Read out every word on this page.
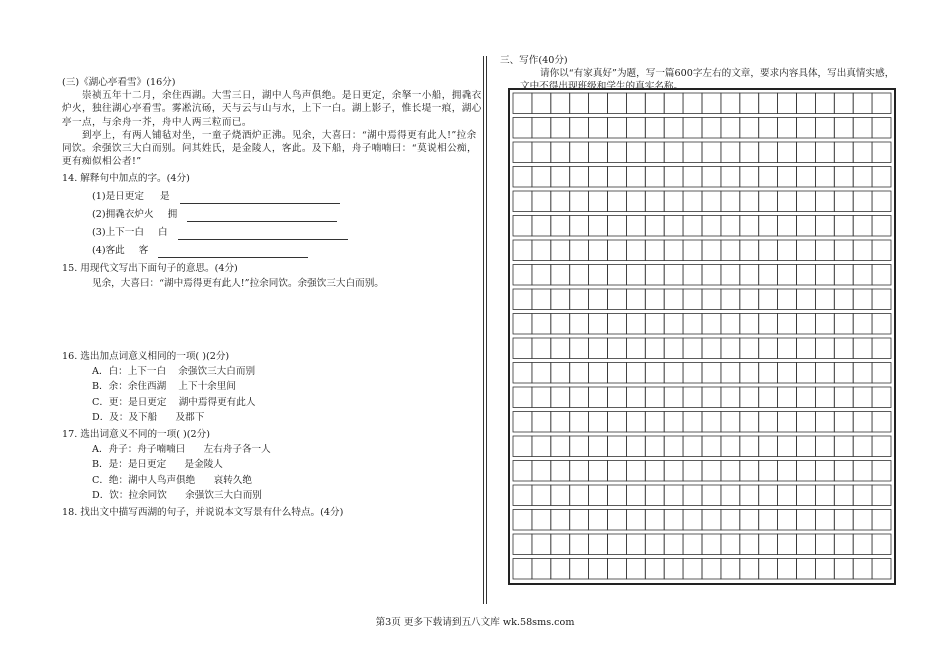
(三)《湖心亭看雪》(16分)

崇祯五年十二月，余住西湖。大雪三日，湖中人鸟声俱绝。是日更定，余拏一小船，拥毳衣炉火，独往湖心亭看雪。雾凇沆砀，天与云与山与水，上下一白。湖上影子，惟长堤一痕，湖心亭一点，与余舟一芥，舟中人两三粒而已。

到亭上，有两人铺毡对坐，一童子烧酒炉正沸。见余，大喜曰：“湖中焉得更有此人!”拉余同饮。余强饮三大白而别。问其姓氏，是金陵人，客此。及下船，舟子喃喃曰：“莫说相公痴，更有痴似相公者!”

14. 解释句中加点的字。(4分)

(1)是日更定 是
(2)拥毳衣炉火 拥
(3)上下一白 白
(4)客此 客

15. 用现代文写出下面句子的意思。(4分)

见余，大喜曰：“湖中焉得更有此人!”拉余同饮。余强饮三大白而别。

16. 选出加点词意义相同的一项( )(2分)

A．白：上下一白    余强饮三大白而别

B．余：余住西湖    上下十余里间

C．更：是日更定    湖中焉得更有此人

D．及：及下船      及郡下

17. 选出词意义不同的一项( )(2分)

A．舟子：舟子喃喃曰      左右舟子各一人

B．是：是日更定      是金陵人

C．绝：湖中人鸟声俱绝      哀转久绝

D．饮：拉余同饮      余强饮三大白而别

18. 找出文中描写西湖的句子，并说说本文写景有什么特点。(4分)

三、写作(40分)

请你以“有家真好”为题，写一篇600字左右的文章，要求内容具体，写出真情实感，

文中不得出现班级和学生的真实名称。

第3页 更多下载请到五八文库 wk.58sms.com
